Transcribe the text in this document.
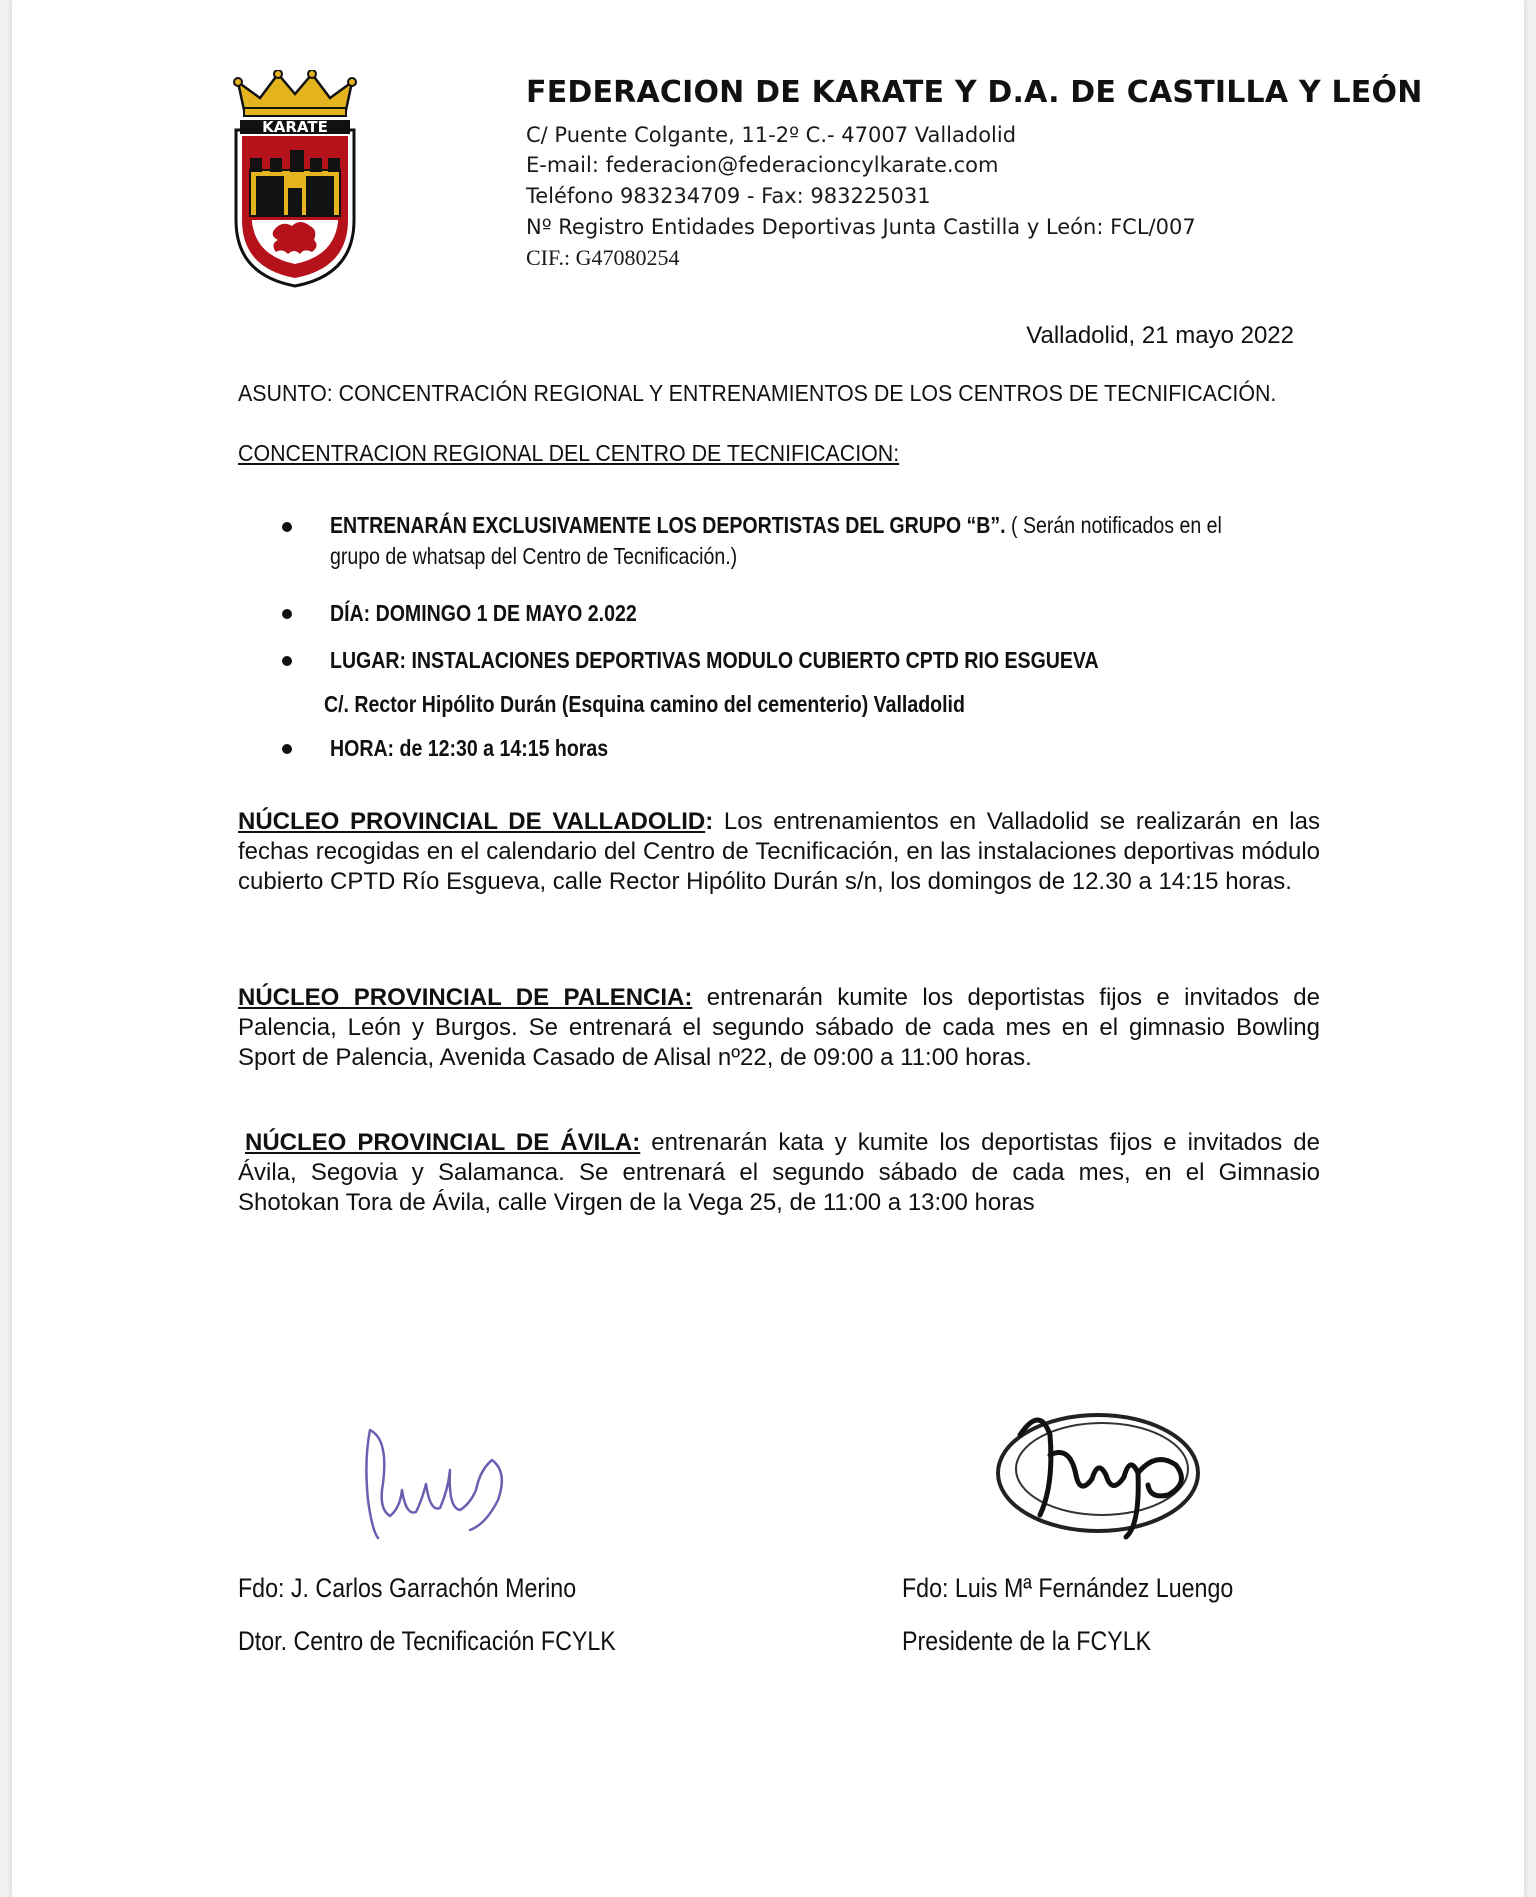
KARATE
FEDERACION DE KARATE Y D.A. DE CASTILLA Y LEÓN
C/ Puente Colgante, 11-2º C.- 47007 Valladolid
E-mail: federacion@federacioncylkarate.com
Teléfono 983234709 - Fax: 983225031
Nº Registro Entidades Deportivas Junta Castilla y León: FCL/007
CIF.: G47080254
Valladolid, 21 mayo 2022
ASUNTO: CONCENTRACIÓN REGIONAL Y ENTRENAMIENTOS DE LOS CENTROS DE TECNIFICACIÓN.
CONCENTRACION REGIONAL DEL CENTRO DE TECNIFICACION:
ENTRENARÁN EXCLUSIVAMENTE LOS DEPORTISTAS DEL GRUPO “B”. ( Serán notificados en el
grupo de whatsap del Centro de Tecnificación.)
DÍA: DOMINGO 1 DE MAYO 2.022
LUGAR: INSTALACIONES DEPORTIVAS MODULO CUBIERTO CPTD RIO ESGUEVA
C/. Rector Hipólito Durán (Esquina camino del cementerio) Valladolid
HORA: de 12:30 a 14:15 horas

NÚCLEO PROVINCIAL DE VALLADOLID: Los entrenamientos en Valladolid se realizarán en las fechas recogidas en el calendario del Centro de Tecnificación, en las instalaciones deportivas módulo cubierto CPTD Río Esgueva, calle Rector Hipólito Durán s/n, los domingos de 12.30 a 14:15 horas.

NÚCLEO PROVINCIAL DE PALENCIA: entrenarán kumite los deportistas fijos e invitados de Palencia, León y Burgos. Se entrenará el segundo sábado de cada mes en el gimnasio Bowling Sport de Palencia, Avenida Casado de Alisal nº22, de 09:00 a 11:00 horas.

NÚCLEO PROVINCIAL DE ÁVILA: entrenarán kata y kumite los deportistas fijos e invitados de Ávila, Segovia y Salamanca. Se entrenará el segundo sábado de cada mes, en el Gimnasio Shotokan Tora de Ávila, calle Virgen de la Vega 25, de 11:00 a 13:00 horas

Fdo: J. Carlos Garrachón Merino
Dtor. Centro de Tecnificación FCYLK
Fdo: Luis Mª Fernández Luengo
Presidente de la FCYLK
